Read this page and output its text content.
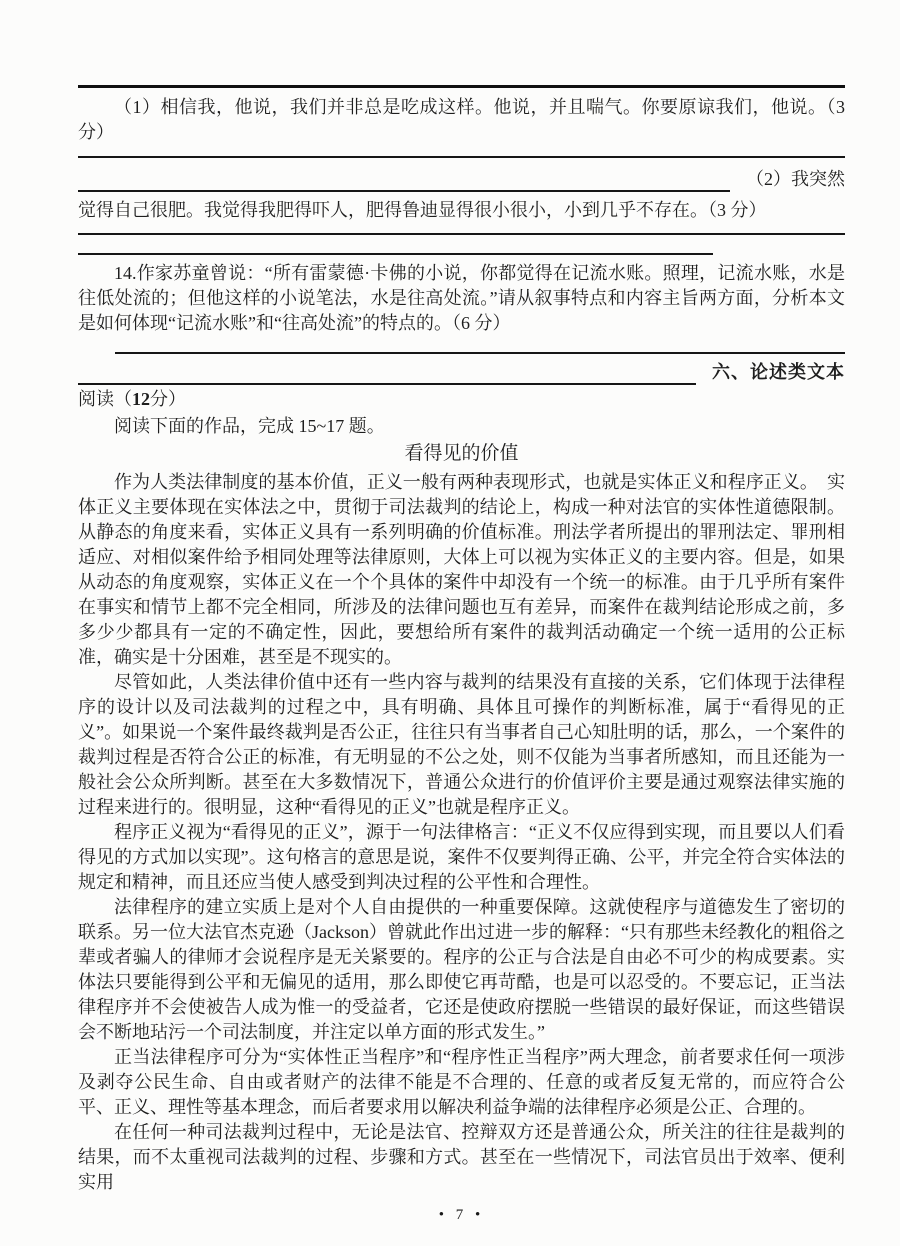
（1）相信我，他说，我们并非总是吃成这样。他说，并且喘气。你要原谅我们，他说。（3 分）

（2）我突然

觉得自己很肥。我觉得我肥得吓人，肥得鲁迪显得很小很小，小到几乎不存在。（3 分）

14.作家苏童曾说：“所有雷蒙德·卡佛的小说，你都觉得在记流水账。照理，记流水账，水是往低处流的；但他这样的小说笔法，水是往高处流。”请从叙事特点和内容主旨两方面，分析本文是如何体现“记流水账”和“往高处流”的特点的。（6 分）

六、论述类文本

阅读（12分）

阅读下面的作品，完成 15~17 题。

看得见的价值

作为人类法律制度的基本价值，正义一般有两种表现形式，也就是实体正义和程序正义。　实体正义主要体现在实体法之中，贯彻于司法裁判的结论上，构成一种对法官的实体性道德限制。从静态的角度来看，实体正义具有一系列明确的价值标准。刑法学者所提出的罪刑法定、罪刑相适应、对相似案件给予相同处理等法律原则，大体上可以视为实体正义的主要内容。但是，如果从动态的角度观察，实体正义在一个个具体的案件中却没有一个统一的标准。由于几乎所有案件在事实和情节上都不完全相同，所涉及的法律问题也互有差异，而案件在裁判结论形成之前，多多少少都具有一定的不确定性，因此，要想给所有案件的裁判活动确定一个统一适用的公正标准，确实是十分困难，甚至是不现实的。

尽管如此，人类法律价值中还有一些内容与裁判的结果没有直接的关系，它们体现于法律程序的设计以及司法裁判的过程之中，具有明确、具体且可操作的判断标准，属于“看得见的正义”。如果说一个案件最终裁判是否公正，往往只有当事者自己心知肚明的话，那么，一个案件的裁判过程是否符合公正的标准，有无明显的不公之处，则不仅能为当事者所感知，而且还能为一般社会公众所判断。甚至在大多数情况下，普通公众进行的价值评价主要是通过观察法律实施的过程来进行的。很明显，这种“看得见的正义”也就是程序正义。

程序正义视为“看得见的正义”，源于一句法律格言：“正义不仅应得到实现，而且要以人们看得见的方式加以实现”。这句格言的意思是说，案件不仅要判得正确、公平，并完全符合实体法的规定和精神，而且还应当使人感受到判决过程的公平性和合理性。

法律程序的建立实质上是对个人自由提供的一种重要保障。这就使程序与道德发生了密切的联系。另一位大法官杰克逊（Jackson）曾就此作出过进一步的解释：“只有那些未经教化的粗俗之辈或者骗人的律师才会说程序是无关紧要的。程序的公正与合法是自由必不可少的构成要素。实体法只要能得到公平和无偏见的适用，那么即使它再苛酷，也是可以忍受的。不要忘记，正当法律程序并不会使被告人成为惟一的受益者，它还是使政府摆脱一些错误的最好保证，而这些错误会不断地玷污一个司法制度，并注定以单方面的形式发生。”

正当法律程序可分为“实体性正当程序”和“程序性正当程序”两大理念，前者要求任何一项涉及剥夺公民生命、自由或者财产的法律不能是不合理的、任意的或者反复无常的，而应符合公平、正义、理性等基本理念，而后者要求用以解决利益争端的法律程序必须是公正、合理的。

在任何一种司法裁判过程中，无论是法官、控辩双方还是普通公众，所关注的往往是裁判的结果，而不太重视司法裁判的过程、步骤和方式。甚至在一些情况下，司法官员出于效率、便利实用

• 7 •
